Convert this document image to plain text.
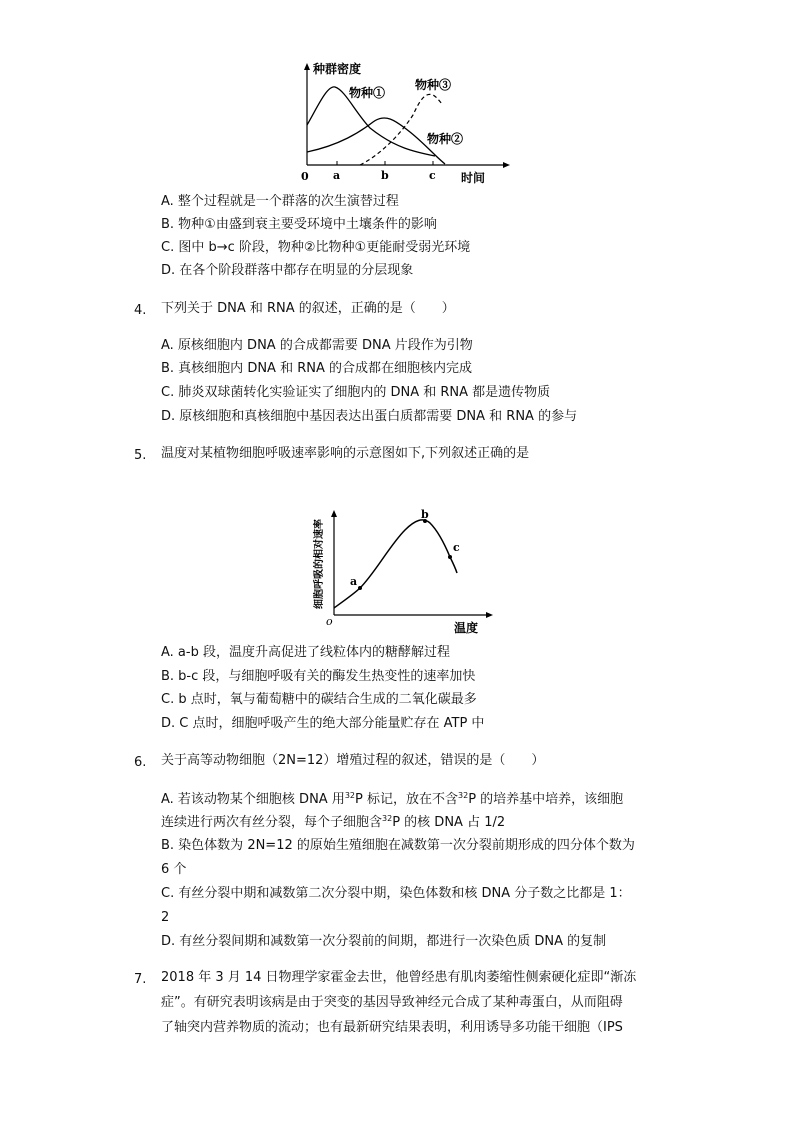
种群密度
物种①
物种③
物种②
0 a	b	c 时间
A. 整个过程就是一个群落的次生演替过程
B. 物种①由盛到衰主要受环境中土壤条件的影响
C. 图中 b→c 阶段，物种②比物种①更能耐受弱光环境
D. 在各个阶段群落中都存在明显的分层现象
4. 下列关于 DNA 和 RNA 的叙述，正确的是（　　）
A. 原核细胞内 DNA 的合成都需要 DNA 片段作为引物
B. 真核细胞内 DNA 和 RNA 的合成都在细胞核内完成
C. 肺炎双球菌转化实验证实了细胞内的 DNA 和 RNA 都是遗传物质
D. 原核细胞和真核细胞中基因表达出蛋白质都需要 DNA 和 RNA 的参与
5. 温度对某植物细胞呼吸速率影响的示意图如下,下列叙述正确的是
a
b
c
o	温度
细胞呼吸的相对速率
A. a-b 段，温度升高促进了线粒体内的糖酵解过程
B. b-c 段，与细胞呼吸有关的酶发生热变性的速率加快
C. b 点时，氧与葡萄糖中的碳结合生成的二氧化碳最多
D. C 点时，细胞呼吸产生的绝大部分能量贮存在 ATP 中
6. 关于高等动物细胞（2N=12）增殖过程的叙述，错误的是（　　）
A. 若该动物某个细胞核 DNA 用$^{32}$P 标记，放在不含$^{32}$P 的培养基中培养，该细胞
连续进行两次有丝分裂，每个子细胞含$^{32}$P 的核 DNA 占 1/2
B. 染色体数为 2N=12 的原始生殖细胞在减数第一次分裂前期形成的四分体个数为
6 个
C. 有丝分裂中期和减数第二次分裂中期，染色体数和核 DNA 分子数之比都是 1：
2
D. 有丝分裂间期和减数第一次分裂前的间期，都进行一次染色质 DNA 的复制
7. 2018 年 3 月 14 日物理学家霍金去世，他曾经患有肌肉萎缩性侧索硬化症即“渐冻
症”。有研究表明该病是由于突变的基因导致神经元合成了某种毒蛋白，从而阻碍
了轴突内营养物质的流动；也有最新研究结果表明，利用诱导多功能干细胞（IPS
